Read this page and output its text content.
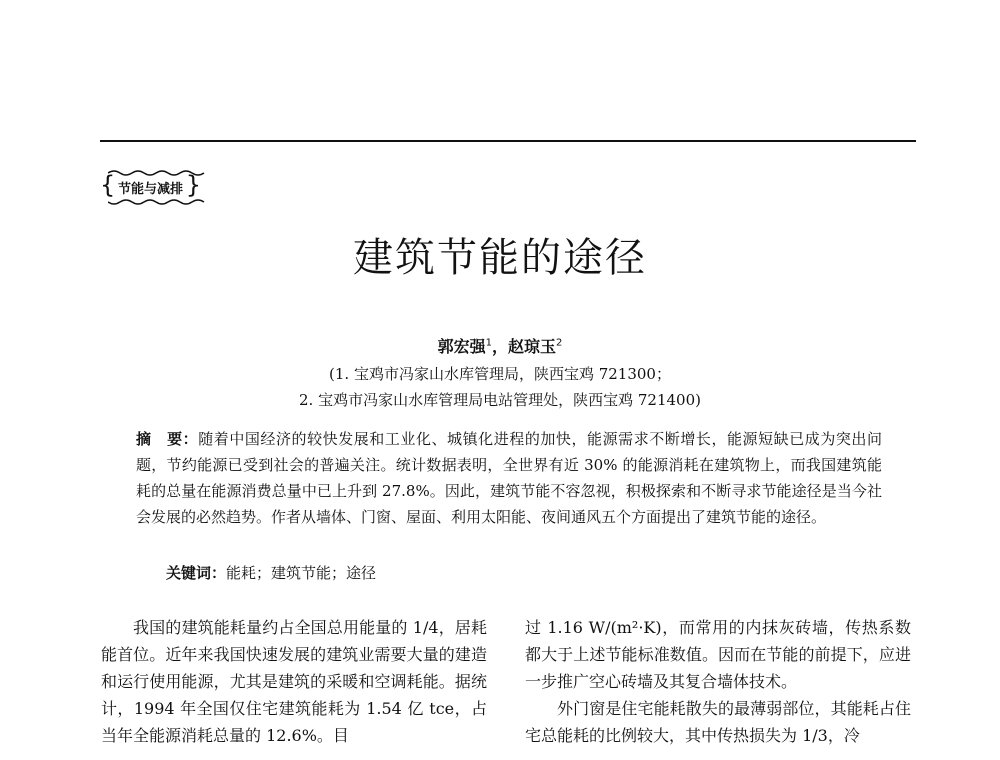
{ 节能与减排 }
建筑节能的途径
郭宏强$^1$，赵琼玉$^2$
(1. 宝鸡市冯家山水库管理局，陕西宝鸡 721300；
2. 宝鸡市冯家山水库管理局电站管理处，陕西宝鸡 721400)
摘　要：随着中国经济的较快发展和工业化、城镇化进程的加快，能源需求不断增长，能源短缺已成为突出问题，节约能源已受到社会的普遍关注。统计数据表明，全世界有近 30% 的能源消耗在建筑物上，而我国建筑能耗的总量在能源消费总量中已上升到 27.8%。因此，建筑节能不容忽视，积极探索和不断寻求节能途径是当今社会发展的必然趋势。作者从墙体、门窗、屋面、利用太阳能、夜间通风五个方面提出了建筑节能的途径。
关键词：能耗；建筑节能；途径

我国的建筑能耗量约占全国总用能量的 1/4，居耗能首位。近年来我国快速发展的建筑业需要大量的建造和运行使用能源，尤其是建筑的采暖和空调耗能。据统计，1994 年全国仅住宅建筑能耗为 1.54 亿 tce，占当年全能源消耗总量的 12.6%。目

过 1.16 W/(m²·K)，而常用的内抹灰砖墙，传热系数都大于上述节能标准数值。因而在节能的前提下，应进一步推广空心砖墙及其复合墙体技术。

外门窗是住宅能耗散失的最薄弱部位，其能耗占住宅总能耗的比例较大，其中传热损失为 1/3，冷
